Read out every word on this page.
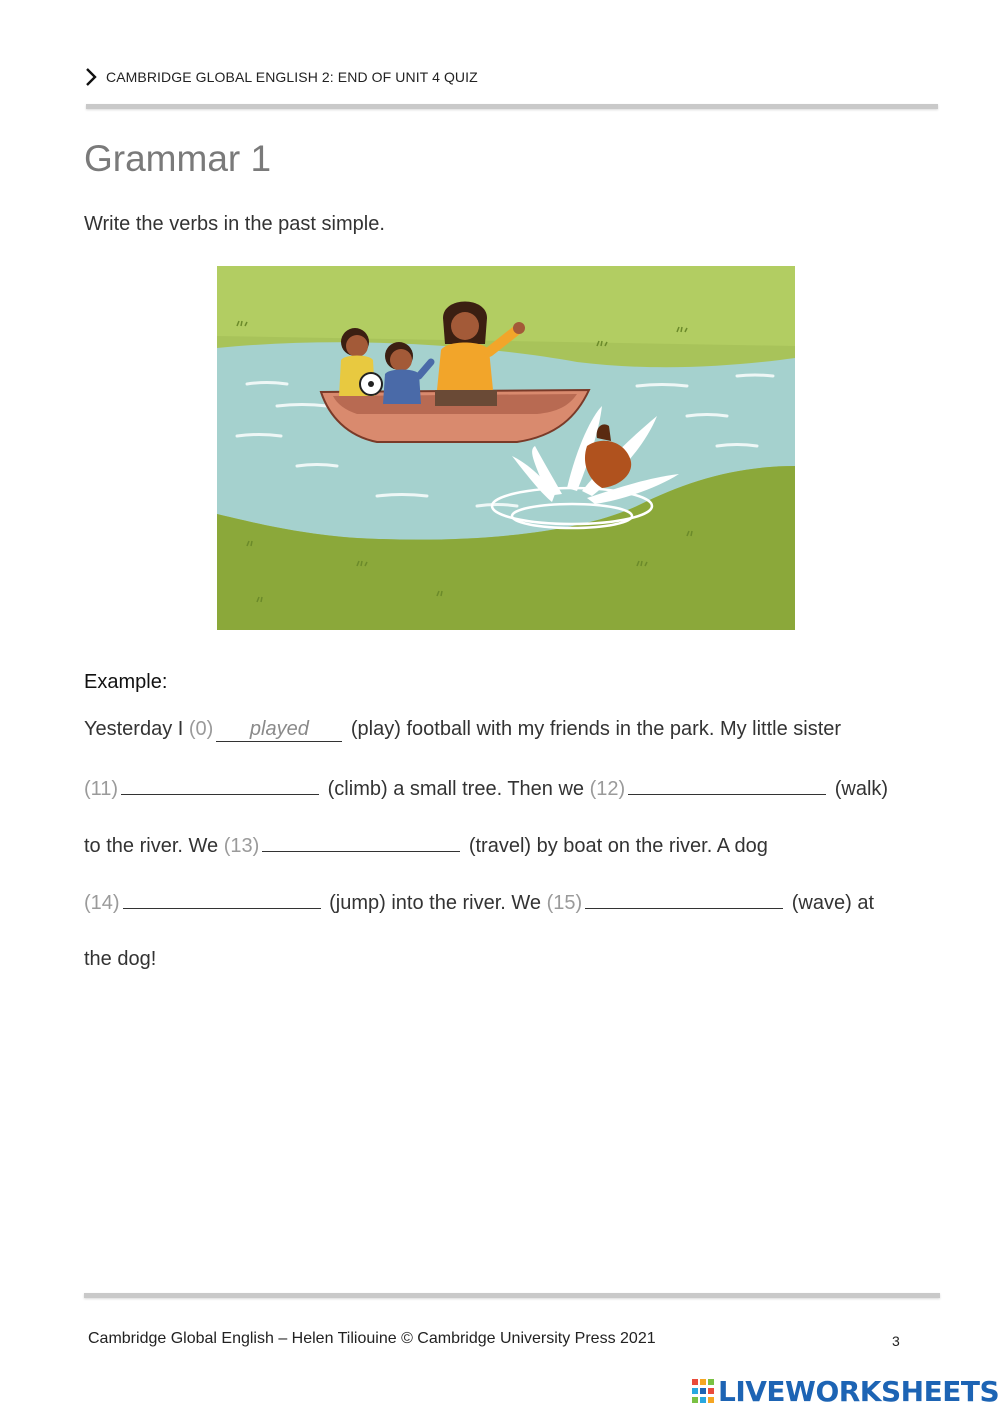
CAMBRIDGE GLOBAL ENGLISH 2: END OF UNIT 4 QUIZ
Grammar 1
Write the verbs in the past simple.
Example:
Yesterday I (0) played (play) football with my friends in the park. My little sister
(11)	(climb) a small tree. Then we (12)	(walk)
to the river. We (13)	(travel) by boat on the river. A dog
(14)	(jump) into the river. We (15)	(wave) at
the dog!
Cambridge Global English – Helen Tiliouine © Cambridge University Press 2021	3
LIVEWORKSHEETS
